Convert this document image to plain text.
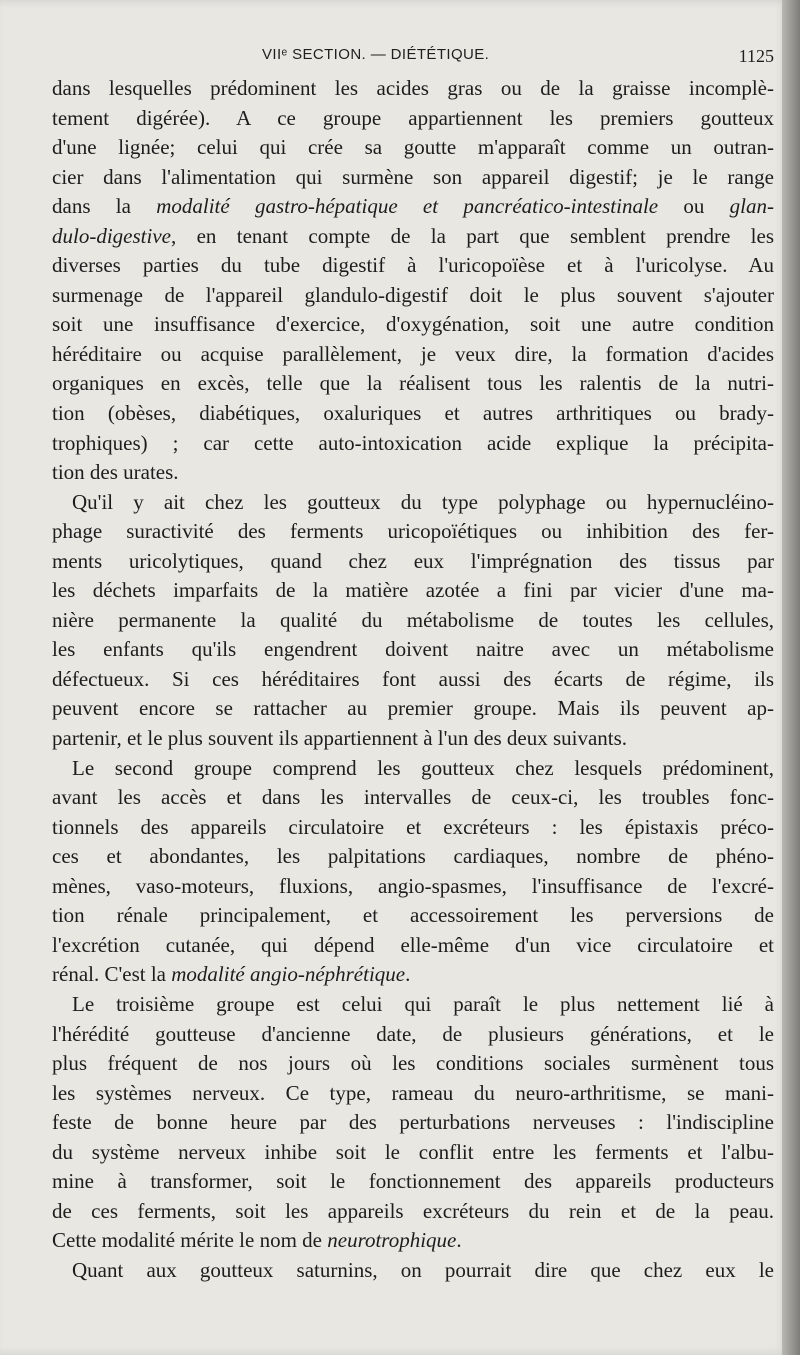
VIIᵉ SECTION. — DIÉTÉTIQUE.	1125
dans lesquelles prédominent les acides gras ou de la graisse incomplè-
tement digérée). A ce groupe appartiennent les premiers goutteux
d'une lignée; celui qui crée sa goutte m'apparaît comme un outran-
cier dans l'alimentation qui surmène son appareil digestif; je le range
dans la modalité gastro-hépatique et pancréatico-intestinale ou glan-
dulo-digestive, en tenant compte de la part que semblent prendre les
diverses parties du tube digestif à l'uricopoïèse et à l'uricolyse. Au
surmenage de l'appareil glandulo-digestif doit le plus souvent s'ajouter
soit une insuffisance d'exercice, d'oxygénation, soit une autre condition
héréditaire ou acquise parallèlement, je veux dire, la formation d'acides
organiques en excès, telle que la réalisent tous les ralentis de la nutri-
tion (obèses, diabétiques, oxaluriques et autres arthritiques ou brady-
trophiques) ; car cette auto-intoxication acide explique la précipita-
tion des urates.
Qu'il y ait chez les goutteux du type polyphage ou hypernucléino-
phage suractivité des ferments uricopoïétiques ou inhibition des fer-
ments uricolytiques, quand chez eux l'imprégnation des tissus par
les déchets imparfaits de la matière azotée a fini par vicier d'une ma-
nière permanente la qualité du métabolisme de toutes les cellules,
les enfants qu'ils engendrent doivent naitre avec un métabolisme
défectueux. Si ces héréditaires font aussi des écarts de régime, ils
peuvent encore se rattacher au premier groupe. Mais ils peuvent ap-
partenir, et le plus souvent ils appartiennent à l'un des deux suivants.
Le second groupe comprend les goutteux chez lesquels prédominent,
avant les accès et dans les intervalles de ceux-ci, les troubles fonc-
tionnels des appareils circulatoire et excréteurs : les épistaxis préco-
ces et abondantes, les palpitations cardiaques, nombre de phéno-
mènes, vaso-moteurs, fluxions, angio-spasmes, l'insuffisance de l'excré-
tion rénale principalement, et accessoirement les perversions de
l'excrétion cutanée, qui dépend elle-même d'un vice circulatoire et
rénal. C'est la modalité angio-néphrétique.
Le troisième groupe est celui qui paraît le plus nettement lié à
l'hérédité goutteuse d'ancienne date, de plusieurs générations, et le
plus fréquent de nos jours où les conditions sociales surmènent tous
les systèmes nerveux. Ce type, rameau du neuro-arthritisme, se mani-
feste de bonne heure par des perturbations nerveuses : l'indiscipline
du système nerveux inhibe soit le conflit entre les ferments et l'albu-
mine à transformer, soit le fonctionnement des appareils producteurs
de ces ferments, soit les appareils excréteurs du rein et de la peau.
Cette modalité mérite le nom de neurotrophique.
Quant aux goutteux saturnins, on pourrait dire que chez eux le
